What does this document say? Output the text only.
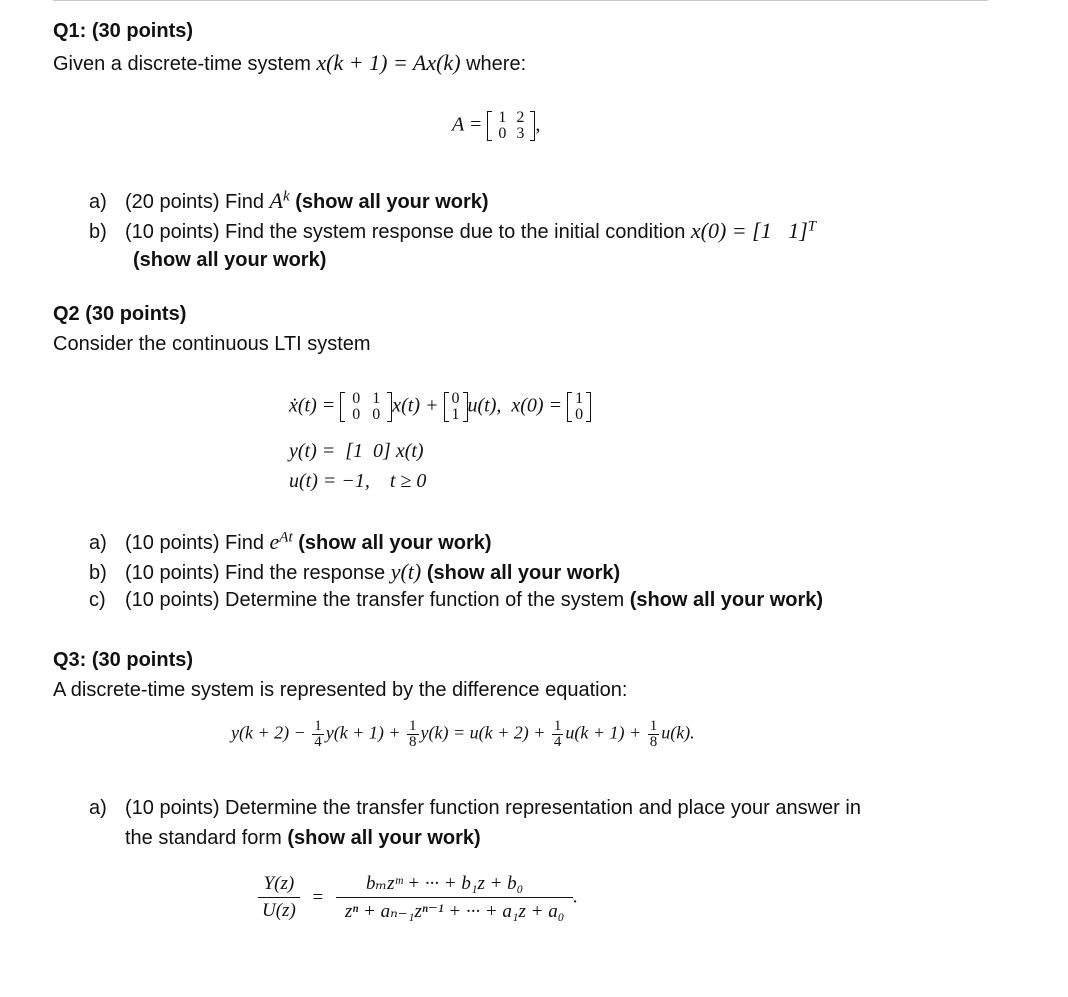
Q1: (30 points)
Given a discrete-time system x(k + 1) = Ax(k) where:
A =	1 2
0 3 ,
a) (20 points) Find $A^k$ (show all your work)
b) (10 points) Find the system response due to the initial condition x(0) = [1   1]$^T$
(show all your work)
Q2 (30 points)
Consider the continuous LTI system
ẋ(t) =	0 1
0 0 x(t) + 0
1 u(t),  x(0) = 1
0
y(t) =  [1  0] x(t)
u(t) = −1,    t ≥ 0
a) (10 points) Find $e^{At}$ (show all your work)
b) (10 points) Find the response y(t) (show all your work)
c) (10 points) Determine the transfer function of the system (show all your work)
Q3: (30 points)
A discrete-time system is represented by the difference equation:
$y(k + 2) - \frac{1}{4} y(k + 1) + \frac{1}{8} y(k) = u(k + 2) + \frac{1}{4} u(k + 1) + \frac{1}{8} u(k)$.
a) (10 points) Determine the transfer function representation and place your answer in
the standard form (show all your work)
$\frac{Y(z)}{U(z)}$ =
bₘzᵐ + ··· + b₁z + b₀
zⁿ + aₙ₋₁zⁿ⁻¹ + ··· + a₁z + a₀
.
